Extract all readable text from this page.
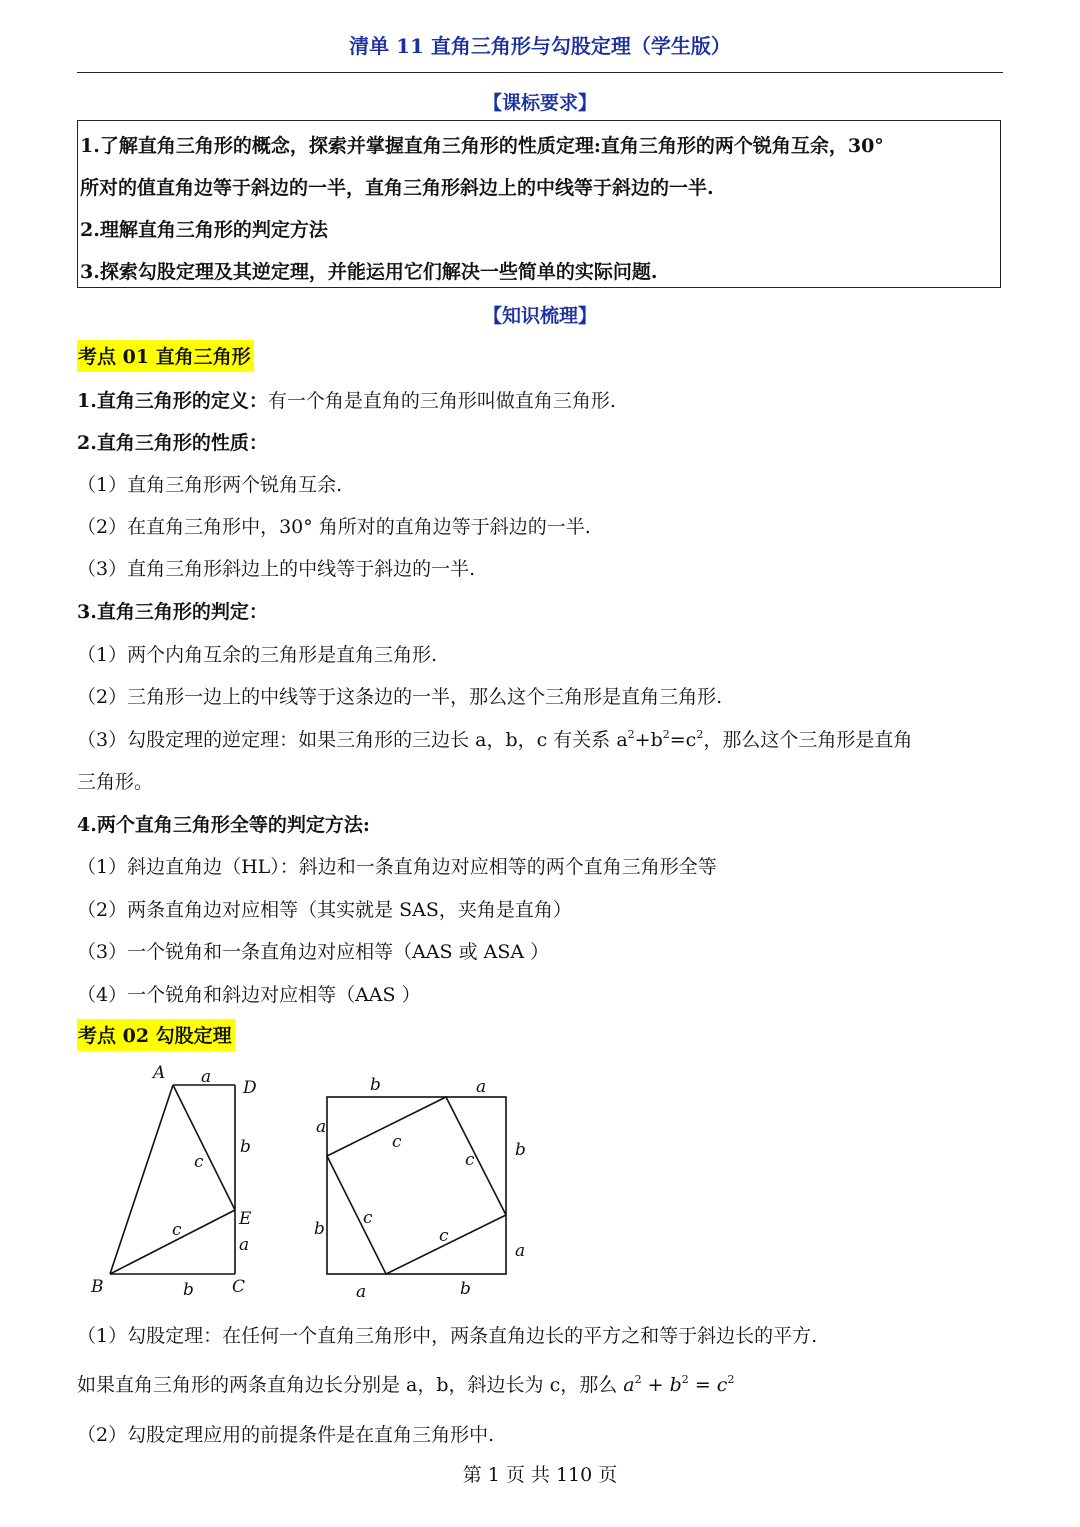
清单 11 直角三角形与勾股定理（学生版）
【课标要求】
1.了解直角三角形的概念，探索并掌握直角三角形的性质定理:直角三角形的两个锐角互余，30°
所对的值直角边等于斜边的一半，直角三角形斜边上的中线等于斜边的一半.
2.理解直角三角形的判定方法
3.探索勾股定理及其逆定理，并能运用它们解决一些简单的实际问题.
【知识梳理】
考点 01 直角三角形
1.直角三角形的定义：有一个角是直角的三角形叫做直角三角形.
2.直角三角形的性质：
（1）直角三角形两个锐角互余.
（2）在直角三角形中，30° 角所对的直角边等于斜边的一半.
（3）直角三角形斜边上的中线等于斜边的一半.
3.直角三角形的判定：
（1）两个内角互余的三角形是直角三角形.
（2）三角形一边上的中线等于这条边的一半，那么这个三角形是直角三角形.
（3）勾股定理的逆定理：如果三角形的三边长 a，b，c 有关系 $a^2+b^2=c^2$，那么这个三角形是直角
三角形。
4.两个直角三角形全等的判定方法:
（1）斜边直角边（HL）：斜边和一条直角边对应相等的两个直角三角形全等
（2）两条直角边对应相等（其实就是 SAS，夹角是直角）
（3）一个锐角和一条直角边对应相等（AAS 或 ASA ）
（4）一个锐角和斜边对应相等（AAS ）
考点 02 勾股定理
A a
D
b
c
E
c
a
B	b C
b	a
a
c
c b
b
c
c
a
a	b
（1）勾股定理：在任何一个直角三角形中，两条直角边长的平方之和等于斜边长的平方.
如果直角三角形的两条直角边长分别是 a，b，斜边长为 c，那么 $a^2 + b^2 = c^2$
（2）勾股定理应用的前提条件是在直角三角形中.
第 1 页 共 110 页
